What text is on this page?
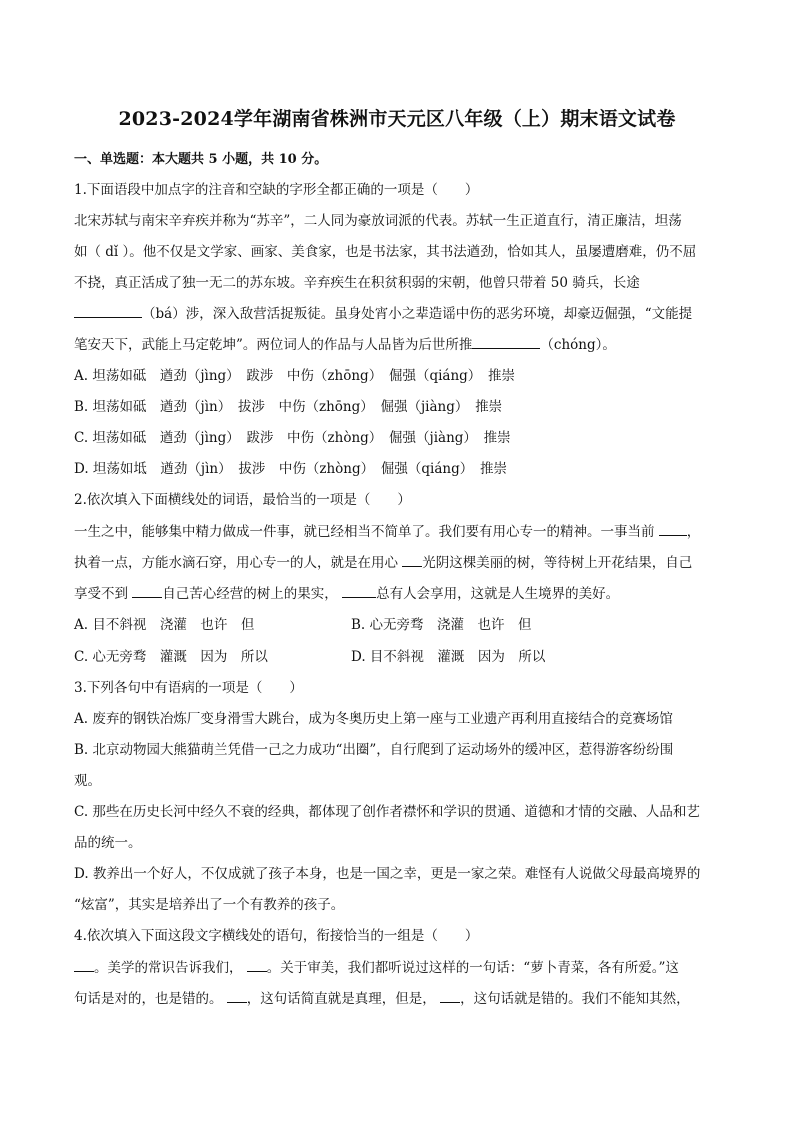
2023-2024学年湖南省株洲市天元区八年级（上）期末语文试卷
一、单选题：本大题共 5 小题，共 10 分。
1.下面语段中加点字的注音和空缺的字形全都正确的一项是（　　）
北宋苏轼与南宋辛弃疾并称为“苏辛”，二人同为豪放词派的代表。苏轼一生正道直行，清正廉洁，坦荡
如（ dǐ ）。他不仅是文学家、画家、美食家，也是书法家，其书法遒劲，恰如其人，虽屡遭磨难，仍不屈
不挠，真正活成了独一无二的苏东坡。辛弃疾生在积贫积弱的宋朝，他曾只带着 50 骑兵，长途
（bá）涉，深入敌营活捉叛徒。虽身处宵小之辈造谣中伤的恶劣环境，却豪迈倔强，“文能提
笔安天下，武能上马定乾坤”。两位词人的作品与人品皆为后世所推	（chóng）。
A. 坦荡如砥　遒劲（jìng）　跋涉　中伤（zhōng）　倔强（qiáng）　推崇
B. 坦荡如砥　遒劲（jìn）　拔涉　中伤（zhōng）　倔强（jiàng）　推崇
C. 坦荡如砥　遒劲（jìng）　跋涉　中伤（zhòng）　倔强（jiàng）　推崇
D. 坦荡如坻　遒劲（jìn）　拔涉　中伤（zhòng）　倔强（qiáng）　推崇
2.依次填入下面横线处的词语，最恰当的一项是（　　）
一生之中，能够集中精力做成一件事，就已经相当不简单了。我们要有用心专一的精神。一事当前 ，
执着一点，方能水滴石穿，用心专一的人，就是在用心 光阴这棵美丽的树，等待树上开花结果，自己
享受不到	自己苦心经营的树上的果实，	总有人会享用，这就是人生境界的美好。
A. 目不斜视　浇灌　也许　但	B. 心无旁骛　浇灌　也许　但
C. 心无旁骛　灌溉　因为　所以	D. 目不斜视　灌溉　因为　所以
3.下列各句中有语病的一项是（　　）
A. 废弃的钢铁冶炼厂变身滑雪大跳台，成为冬奥历史上第一座与工业遗产再利用直接结合的竞赛场馆
B. 北京动物园大熊猫萌兰凭借一己之力成功“出圈”，自行爬到了运动场外的缓冲区，惹得游客纷纷围
观。
C. 那些在历史长河中经久不衰的经典，都体现了创作者襟怀和学识的贯通、道德和才情的交融、人品和艺
品的统一。
D. 教养出一个好人，不仅成就了孩子本身，也是一国之幸，更是一家之荣。难怪有人说做父母最高境界的
“炫富”，其实是培养出了一个有教养的孩子。
4.依次填入下面这段文字横线处的语句，衔接恰当的一组是（　　）
。美学的常识告诉我们， 。关于审美，我们都听说过这样的一句话：“萝卜青菜，各有所爱。”这
句话是对的，也是错的。 ，这句话简直就是真理，但是， ，这句话就是错的。我们不能知其然，
